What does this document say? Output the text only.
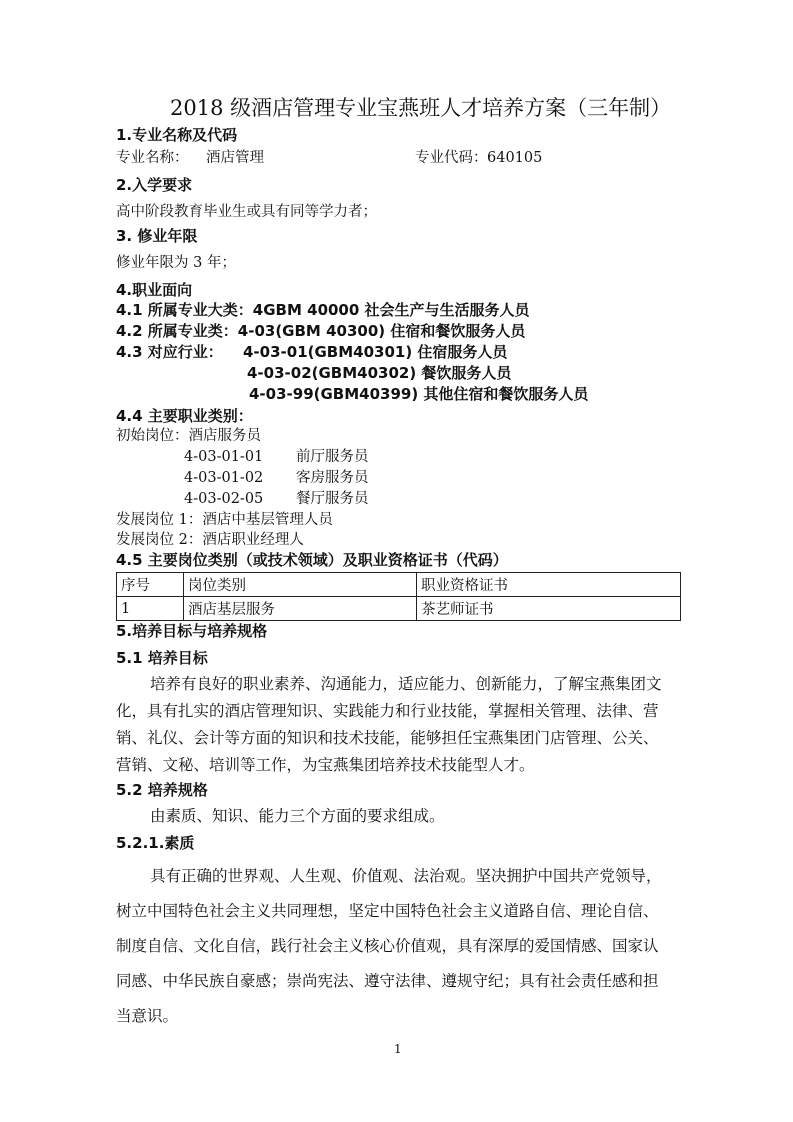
2018 级酒店管理专业宝燕班人才培养方案（三年制）
1.专业名称及代码
专业名称： 酒店管理	专业代码： 640105
2.入学要求
高中阶段教育毕业生或具有同等学力者；
3. 修业年限
修业年限为 3 年；
4.职业面向
4.1 所属专业大类：4GBM 40000 社会生产与生活服务人员
4.2 所属专业类：4-03(GBM 40300) 住宿和餐饮服务人员
4.3 对应行业： 4-03-01(GBM40301) 住宿服务人员
4-03-02(GBM40302) 餐饮服务人员
4-03-99(GBM40399) 其他住宿和餐饮服务人员
4.4 主要职业类别：
初始岗位：酒店服务员
4-03-01-01 前厅服务员
4-03-01-02 客房服务员
4-03-02-05 餐厅服务员
发展岗位 1：酒店中基层管理人员
发展岗位 2：酒店职业经理人
4.5 主要岗位类别（或技术领域）及职业资格证书（代码）
序号	岗位类别	职业资格证书
1	酒店基层服务	茶艺师证书
5.培养目标与培养规格
5.1 培养目标
培养有良好的职业素养、沟通能力，适应能力、创新能力，了解宝燕集团文
化，具有扎实的酒店管理知识、实践能力和行业技能，掌握相关管理、法律、营
销、礼仪、会计等方面的知识和技术技能，能够担任宝燕集团门店管理、公关、
营销、文秘、培训等工作，为宝燕集团培养技术技能型人才。
5.2 培养规格
由素质、知识、能力三个方面的要求组成。
5.2.1.素质
具有正确的世界观、人生观、价值观、法治观。坚决拥护中国共产党领导，
树立中国特色社会主义共同理想，坚定中国特色社会主义道路自信、理论自信、
制度自信、文化自信，践行社会主义核心价值观，具有深厚的爱国情感、国家认
同感、中华民族自豪感；崇尚宪法、遵守法律、遵规守纪；具有社会责任感和担
当意识。
1
